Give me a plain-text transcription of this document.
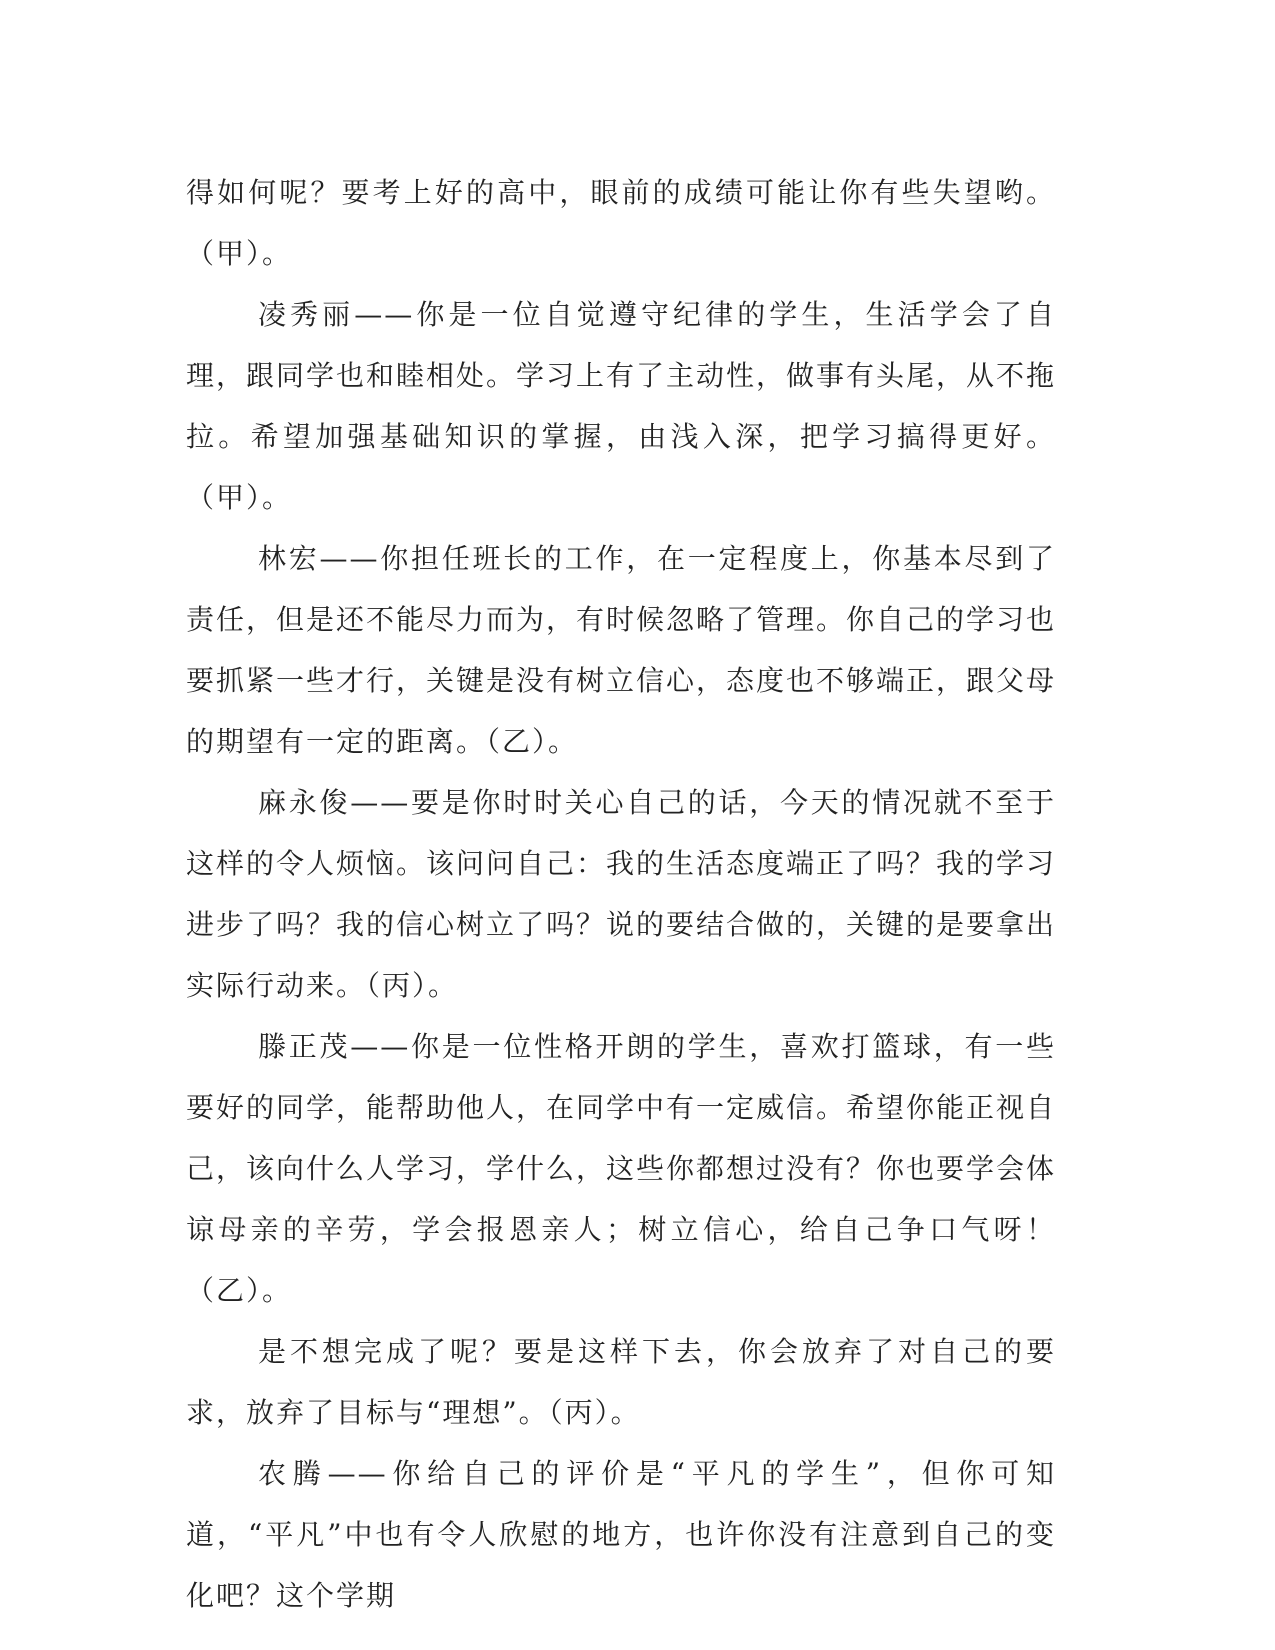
得如何呢？要考上好的高中，眼前的成绩可能让你有些失望哟。（甲）。

凌秀丽——你是一位自觉遵守纪律的学生，生活学会了自理，跟同学也和睦相处。学习上有了主动性，做事有头尾，从不拖拉。希望加强基础知识的掌握，由浅入深，把学习搞得更好。（甲）。

林宏——你担任班长的工作，在一定程度上，你基本尽到了责任，但是还不能尽力而为，有时候忽略了管理。你自己的学习也要抓紧一些才行，关键是没有树立信心，态度也不够端正，跟父母的期望有一定的距离。（乙）。

麻永俊——要是你时时关心自己的话，今天的情况就不至于这样的令人烦恼。该问问自己：我的生活态度端正了吗？我的学习进步了吗？我的信心树立了吗？说的要结合做的，关键的是要拿出实际行动来。（丙）。

滕正茂——你是一位性格开朗的学生，喜欢打篮球，有一些要好的同学，能帮助他人，在同学中有一定威信。希望你能正视自己，该向什么人学习，学什么，这些你都想过没有？你也要学会体谅母亲的辛劳，学会报恩亲人；树立信心，给自己争口气呀！（乙）。

是不想完成了呢？要是这样下去，你会放弃了对自己的要求，放弃了目标与“理想”。（丙）。

农腾——你给自己的评价是“平凡的学生”，但你可知道，“平凡”中也有令人欣慰的地方，也许你没有注意到自己的变化吧？这个学期
